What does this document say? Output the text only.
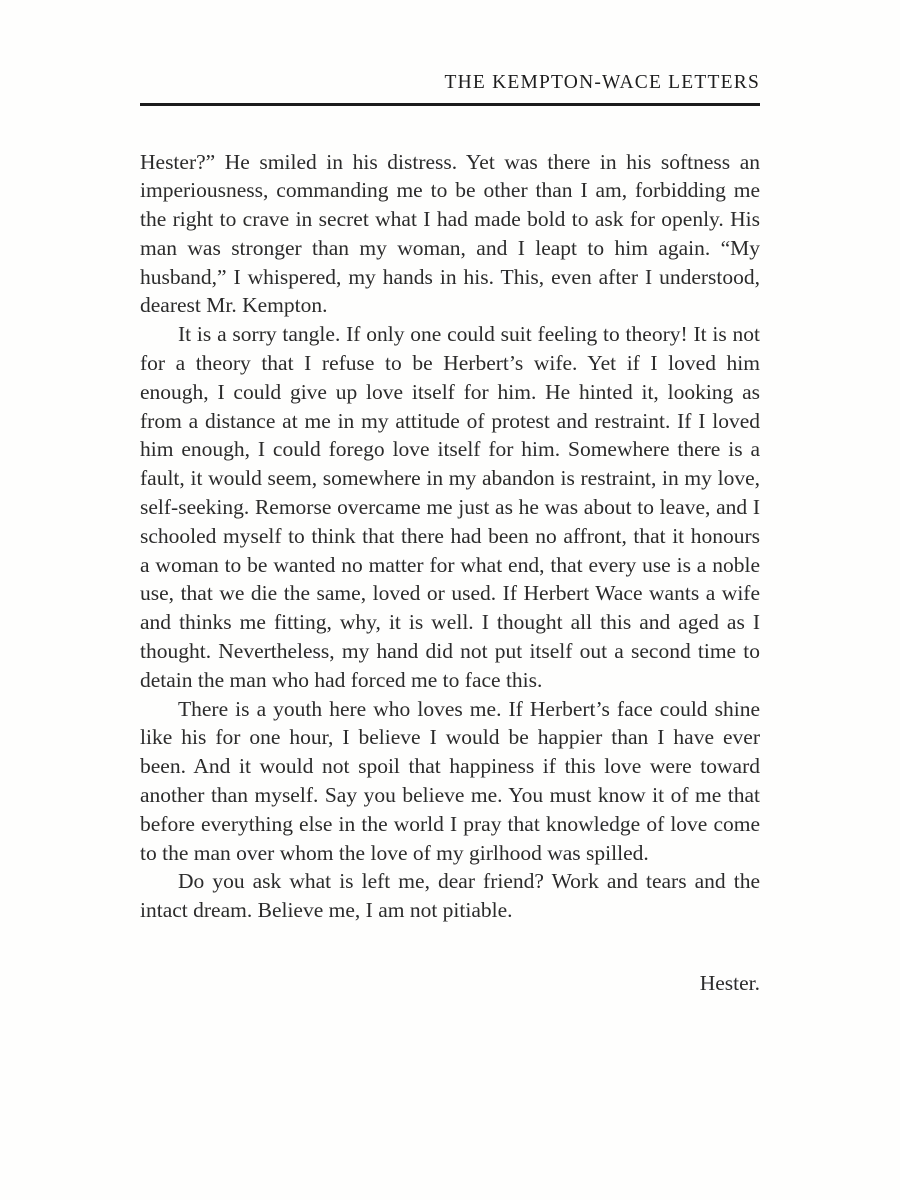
THE KEMPTON-WACE LETTERS

Hester?” He smiled in his distress. Yet was there in his softness an imperiousness, commanding me to be other than I am, forbidding me the right to crave in secret what I had made bold to ask for openly. His man was stronger than my woman, and I leapt to him again. “My husband,” I whispered, my hands in his. This, even after I understood, dearest Mr. Kempton.

It is a sorry tangle. If only one could suit feeling to theory! It is not for a theory that I refuse to be Herbert’s wife. Yet if I loved him enough, I could give up love itself for him. He hinted it, looking as from a distance at me in my attitude of protest and restraint. If I loved him enough, I could forego love itself for him. Somewhere there is a fault, it would seem, somewhere in my abandon is restraint, in my love, self-seeking. Remorse overcame me just as he was about to leave, and I schooled myself to think that there had been no affront, that it honours a woman to be wanted no matter for what end, that every use is a noble use, that we die the same, loved or used. If Herbert Wace wants a wife and thinks me fitting, why, it is well. I thought all this and aged as I thought. Nevertheless, my hand did not put itself out a second time to detain the man who had forced me to face this.

There is a youth here who loves me. If Herbert’s face could shine like his for one hour, I believe I would be happier than I have ever been. And it would not spoil that happiness if this love were toward another than myself. Say you believe me. You must know it of me that before everything else in the world I pray that knowledge of love come to the man over whom the love of my girlhood was spilled.

Do you ask what is left me, dear friend? Work and tears and the intact dream. Believe me, I am not pitiable.

Hester.
